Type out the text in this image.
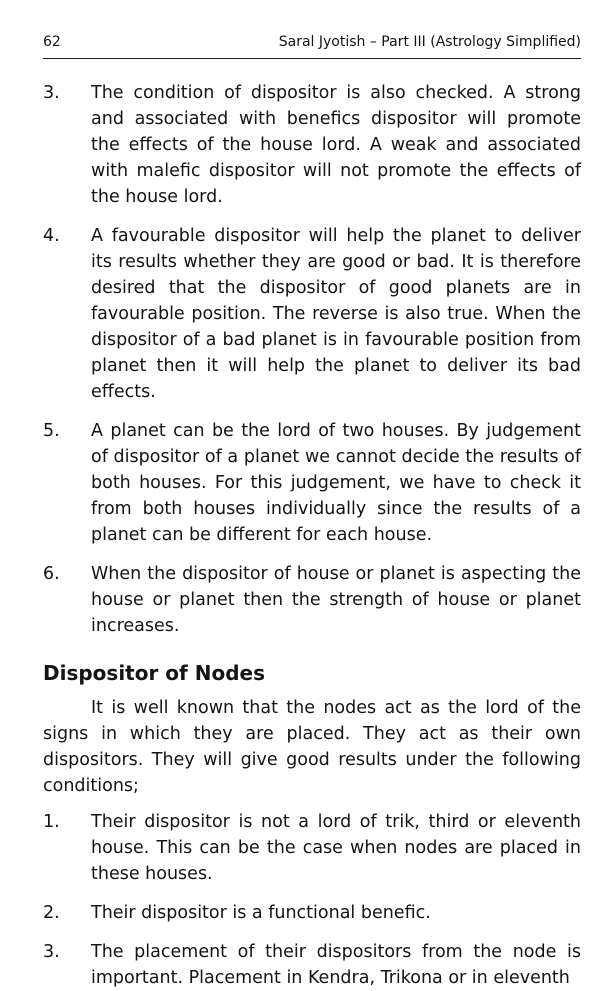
62	Saral Jyotish – Part III (Astrology Simplified)
3. The condition of dispositor is also checked. A strong and associated with benefics dispositor will promote the effects of the house lord. A weak and associated with malefic dispositor will not promote the effects of the house lord.
4. A favourable dispositor will help the planet to deliver its results whether they are good or bad. It is therefore desired that the dispositor of good planets are in favourable position. The reverse is also true. When the dispositor of a bad planet is in favourable position from planet then it will help the planet to deliver its bad effects.
5. A planet can be the lord of two houses. By judgement of dispositor of a planet we cannot decide the results of both houses. For this judgement, we have to check it from both houses individually since the results of a planet can be different for each house.
6. When the dispositor of house or planet is aspecting the house or planet then the strength of house or planet increases.
Dispositor of Nodes
It is well known that the nodes act as the lord of the signs in which they are placed. They act as their own dispositors. They will give good results under the following conditions;
1. Their dispositor is not a lord of trik, third or eleventh house. This can be the case when nodes are placed in these houses.
2. Their dispositor is a functional benefic.
3. The placement of their dispositors from the node is important. Placement in Kendra, Trikona or in eleventh
